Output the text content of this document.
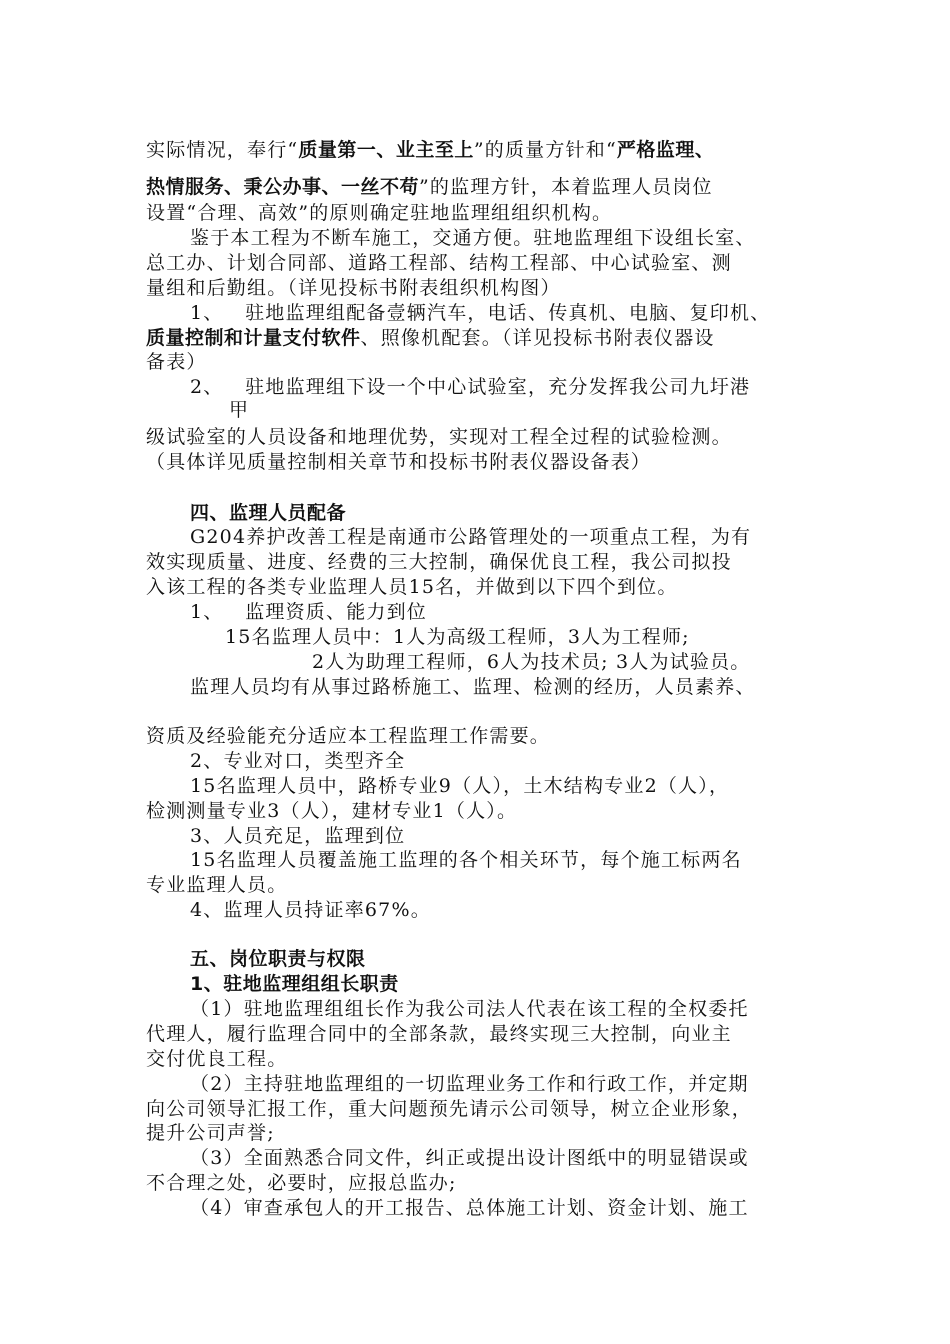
实际情况，奉行“质量第一、业主至上”的质量方针和“严格监理、
热情服务、秉公办事、一丝不苟”的监理方针，本着监理人员岗位
设置“合理、高效”的原则确定驻地监理组组织机构。
鉴于本工程为不断车施工，交通方便。驻地监理组下设组长室、
总工办、计划合同部、道路工程部、结构工程部、中心试验室、测
量组和后勤组。（详见投标书附表组织机构图）
1、   驻地监理组配备壹辆汽车，电话、传真机、电脑、复印机、
质量控制和计量支付软件、照像机配套。（详见投标书附表仪器设
备表）
2、   驻地监理组下设一个中心试验室，充分发挥我公司九圩港
甲
级试验室的人员设备和地理优势，实现对工程全过程的试验检测。
（具体详见质量控制相关章节和投标书附表仪器设备表）
四、监理人员配备
G204养护改善工程是南通市公路管理处的一项重点工程，为有
效实现质量、进度、经费的三大控制，确保优良工程，我公司拟投
入该工程的各类专业监理人员15名，并做到以下四个到位。
1、   监理资质、能力到位
15名监理人员中：1人为高级工程师，3人为工程师;
2人为助理工程师，6人为技术员; 3人为试验员。
监理人员均有从事过路桥施工、监理、检测的经历，人员素养、
资质及经验能充分适应本工程监理工作需要。
2、专业对口，类型齐全
15名监理人员中，路桥专业9（人），土木结构专业2（人），
检测测量专业3（人），建材专业1（人）。
3、人员充足，监理到位
15名监理人员覆盖施工监理的各个相关环节，每个施工标两名
专业监理人员。
4、监理人员持证率67%。
五、岗位职责与权限
1、驻地监理组组长职责
（1）驻地监理组组长作为我公司法人代表在该工程的全权委托
代理人，履行监理合同中的全部条款，最终实现三大控制，向业主
交付优良工程。
（2）主持驻地监理组的一切监理业务工作和行政工作，并定期
向公司领导汇报工作，重大问题预先请示公司领导，树立企业形象，
提升公司声誉;
（3）全面熟悉合同文件，纠正或提出设计图纸中的明显错误或
不合理之处，必要时，应报总监办;
（4）审查承包人的开工报告、总体施工计划、资金计划、施工
